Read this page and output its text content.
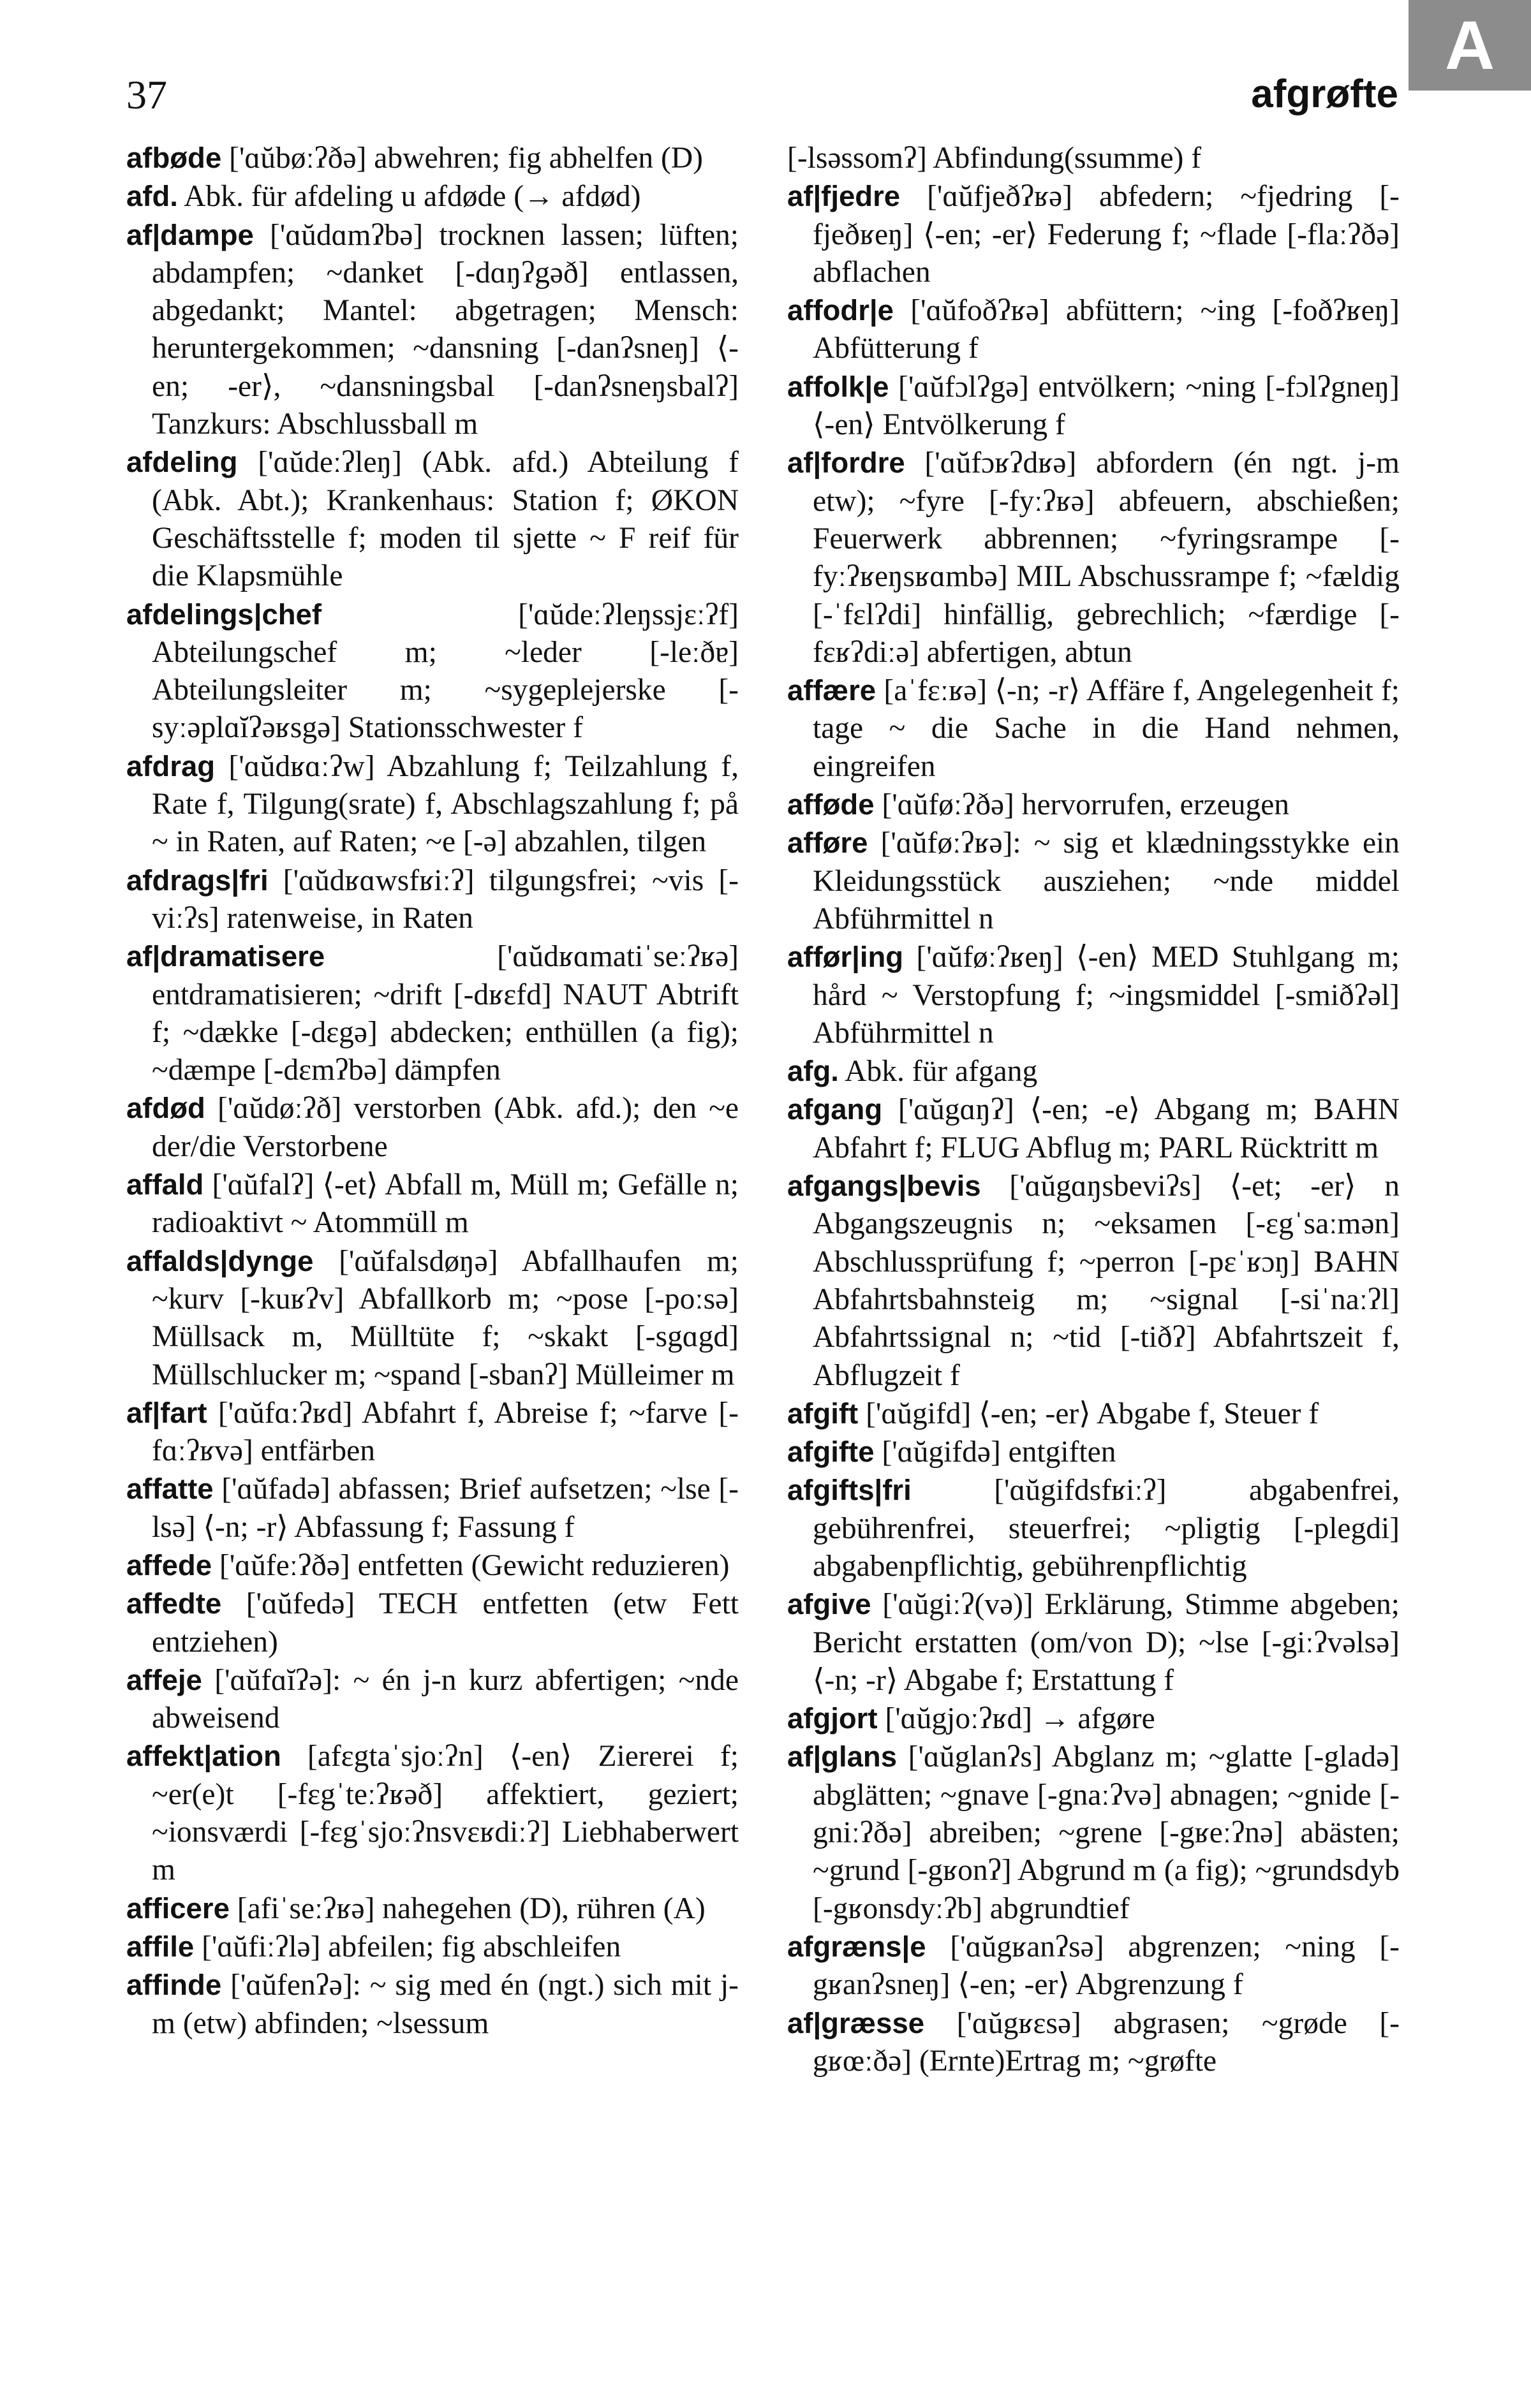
A
37	afgrøfte

afbøde ['ɑŭbøːʔðə] abwehren; fig abhelfen (D)

afd. Abk. für afdeling u afdøde (→ afdød)

af|dampe ['ɑŭdɑmʔbə] trocknen lassen; lüften; abdampfen; ~danket [-dɑŋʔgəð] entlassen, abgedankt; Mantel: abgetragen; Mensch: heruntergekommen; ~dansning [-danʔsneŋ] ⟨-en; -er⟩, ~dansningsbal [-danʔsneŋsbalʔ] Tanzkurs: Abschlussball m

afdeling ['ɑŭdeːʔleŋ] (Abk. afd.) Abteilung f (Abk. Abt.); Krankenhaus: Station f; ØKON Geschäftsstelle f; moden til sjette ~ F reif für die Klapsmühle

afdelings|chef	['ɑŭdeːʔleŋssjɛːʔf] Abteilungschef m; ~leder [-leːðɐ] Abteilungsleiter m; ~sygeplejerske [-syːəplɑĭʔəʁsgə] Stationsschwester f

afdrag ['ɑŭdʁɑːʔw] Abzahlung f; Teilzahlung f, Rate f, Tilgung(srate) f, Abschlagszahlung f; på ~ in Raten, auf Raten; ~e [-ə] abzahlen, tilgen

afdrags|fri ['ɑŭdʁɑwsfʁiːʔ] tilgungsfrei; ~vis [-viːʔs] ratenweise, in Raten

af|dramatisere	['ɑŭdʁɑmatiˈseːʔʁə] entdramatisieren; ~drift [-dʁɛfd] NAUT Abtrift f; ~dække [-dɛgə] abdecken; enthüllen (a fig); ~dæmpe [-dɛmʔbə] dämpfen

afdød ['ɑŭdøːʔð] verstorben (Abk. afd.); den ~e der/die Verstorbene

affald ['ɑŭfalʔ] ⟨-et⟩ Abfall m, Müll m; Gefälle n; radioaktivt ~ Atommüll m

affalds|dynge ['ɑŭfalsdøŋə] Abfallhaufen m; ~kurv [-kuʁʔv] Abfallkorb m; ~pose [-poːsə] Müllsack m, Mülltüte f; ~skakt [-sgɑgd] Müllschlucker m; ~spand [-sbanʔ] Mülleimer m

af|fart ['ɑŭfɑːʔʁd] Abfahrt f, Abreise f; ~farve [-fɑːʔʁvə] entfärben

affatte ['ɑŭfadə] abfassen; Brief aufsetzen; ~lse [-lsə] ⟨-n; -r⟩ Abfassung f; Fassung f

affede ['ɑŭfeːʔðə] entfetten (Gewicht reduzieren)

affedte ['ɑŭfedə] TECH entfetten (etw Fett entziehen)

affeje ['ɑŭfɑĭʔə]: ~ én j-n kurz abfertigen; ~nde abweisend

affekt|ation [afɛgtaˈsjoːʔn] ⟨-en⟩ Ziererei f; ~er(e)t [-fɛgˈteːʔʁəð] affektiert, geziert; ~ionsværdi [-fɛgˈsjoːʔnsvɛʁdiːʔ] Liebhaberwert m

afficere [afiˈseːʔʁə] nahegehen (D), rühren (A)

affile ['ɑŭfiːʔlə] abfeilen; fig abschleifen

affinde ['ɑŭfenʔə]: ~ sig med én (ngt.) sich mit j-m (etw) abfinden; ~lsessum

[-lsəssomʔ] Abfindung(ssumme) f

af|fjedre ['ɑŭfjeðʔʁə] abfedern; ~fjedring [-fjeðʁeŋ] ⟨-en; -er⟩ Federung f; ~flade [-flaːʔðə] abflachen

affodr|e ['ɑŭfoðʔʁə] abfüttern; ~ing [-foðʔʁeŋ] Abfütterung f

affolk|e ['ɑŭfɔlʔgə] entvölkern; ~ning [-fɔlʔgneŋ] ⟨-en⟩ Entvölkerung f

af|fordre ['ɑŭfɔʁʔdʁə] abfordern (én ngt. j-m etw); ~fyre [-fyːʔʁə] abfeuern, abschießen; Feuerwerk abbrennen; ~fyringsrampe [-fyːʔʁeŋsʁɑmbə] MIL Abschussrampe f; ~fældig [-ˈfɛlʔdi] hinfällig, gebrechlich; ~færdige [-fɛʁʔdiːə] abfertigen, abtun

affære [aˈfɛːʁə] ⟨-n; -r⟩ Affäre f, Angelegenheit f; tage ~ die Sache in die Hand nehmen, eingreifen

afføde ['ɑŭføːʔðə] hervorrufen, erzeugen

afføre ['ɑŭføːʔʁə]: ~ sig et klædningsstykke ein Kleidungsstück ausziehen; ~nde middel Abführmittel n

affør|ing ['ɑŭføːʔʁeŋ] ⟨-en⟩ MED Stuhlgang m; hård ~ Verstopfung f; ~ingsmiddel [-smiðʔəl] Abführmittel n

afg. Abk. für afgang

afgang ['ɑŭgɑŋʔ] ⟨-en; -e⟩ Abgang m; BAHN Abfahrt f; FLUG Abflug m; PARL Rücktritt m

afgangs|bevis ['ɑŭgɑŋsbeviʔs] ⟨-et; -er⟩ n Abgangszeugnis n; ~eksamen [-ɛgˈsaːmən] Abschlussprüfung f; ~perron [-pɛˈʁɔŋ] BAHN Abfahrtsbahnsteig m; ~signal [-siˈnaːʔl] Abfahrtssignal n; ~tid [-tiðʔ] Abfahrtszeit f, Abflugzeit f

afgift ['ɑŭgifd] ⟨-en; -er⟩ Abgabe f, Steuer f

afgifte ['ɑŭgifdə] entgiften

afgifts|fri	['ɑŭgifdsfʁiːʔ] abgabenfrei, gebührenfrei, steuerfrei; ~pligtig [-plegdi] abgabenpflichtig, gebührenpflichtig

afgive ['ɑŭgiːʔ(və)] Erklärung, Stimme abgeben; Bericht erstatten (om/von D); ~lse [-giːʔvəlsə] ⟨-n; -r⟩ Abgabe f; Erstattung f

afgjort ['ɑŭgjoːʔʁd] → afgøre

af|glans ['ɑŭglanʔs] Abglanz m; ~glatte [-gladə] abglätten; ~gnave [-gnaːʔvə] abnagen; ~gnide [-gniːʔðə] abreiben; ~grene [-gʁeːʔnə] abästen; ~grund [-gʁonʔ] Abgrund m (a fig); ~grundsdyb [-gʁonsdyːʔb] abgrundtief

afgræns|e ['ɑŭgʁanʔsə] abgrenzen; ~ning [-gʁanʔsneŋ] ⟨-en; -er⟩ Abgrenzung f

af|græsse ['ɑŭgʁɛsə] abgrasen; ~grøde [-gʁœːðə] (Ernte)Ertrag m; ~grøfte
